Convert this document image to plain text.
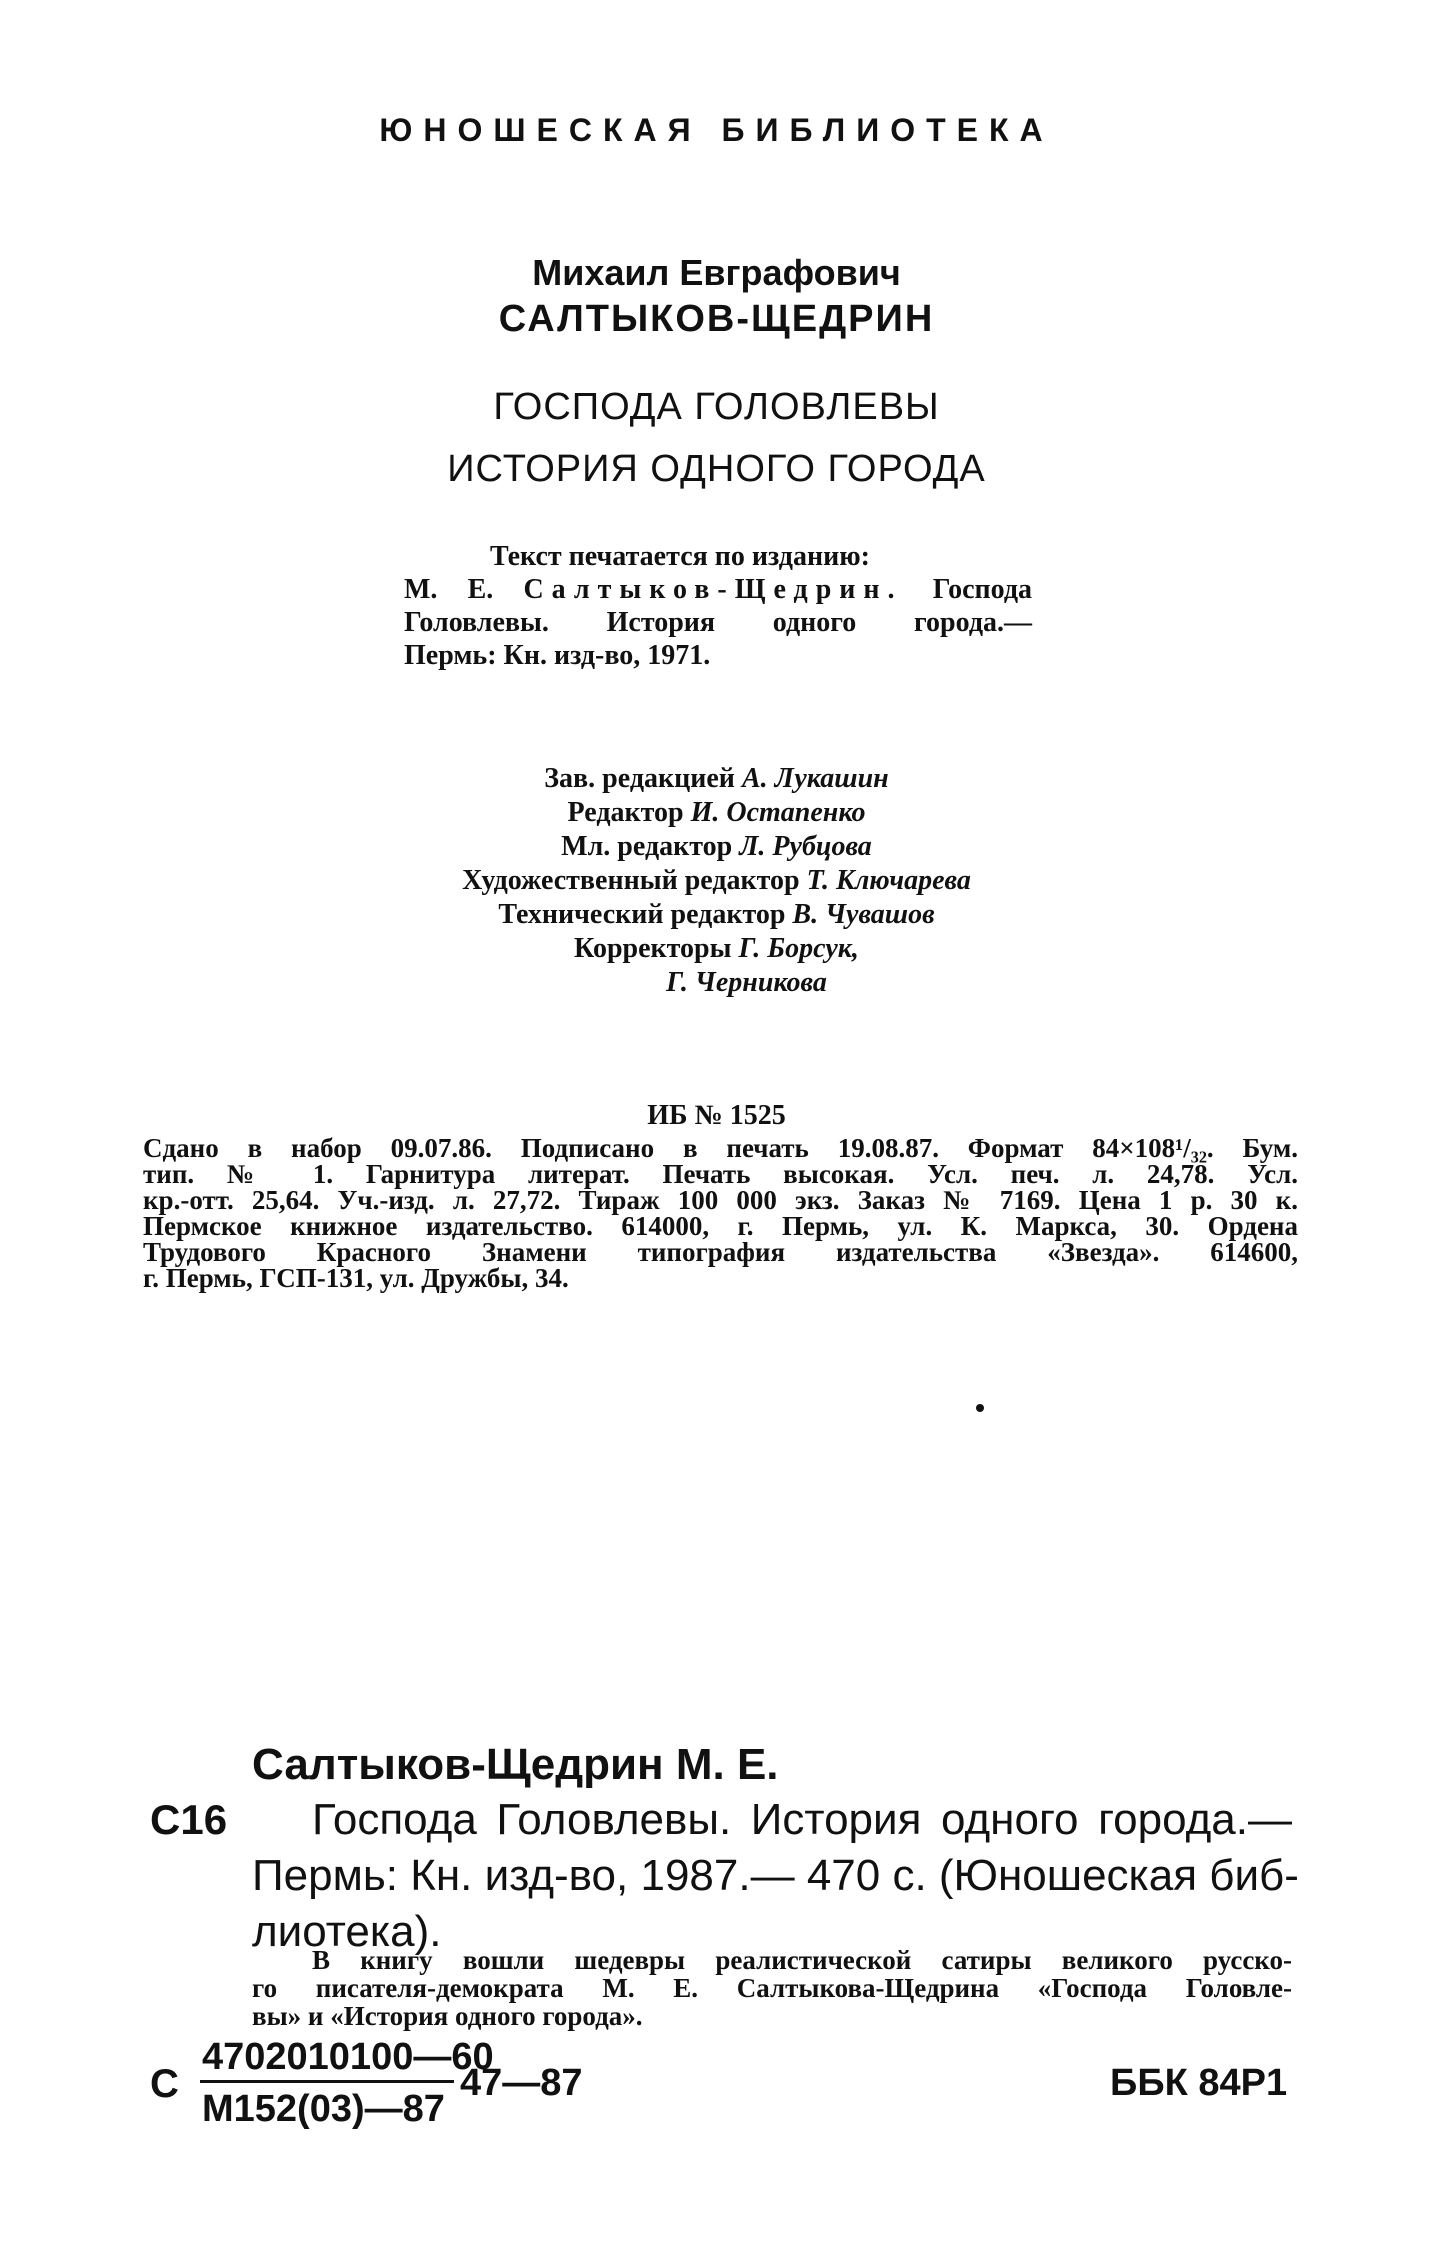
ЮНОШЕСКАЯ БИБЛИОТЕКА
Михаил Евграфович
САЛТЫКОВ-ЩЕДРИН
ГОСПОДА ГОЛОВЛЕВЫ
ИСТОРИЯ ОДНОГО ГОРОДА
Текст печатается по изданию:
М. Е. Салтыков-Щедрин. Господа
Головлевы. История одного города.—
Пермь: Кн. изд-во, 1971.
Зав. редакцией А. Лукашин
Редактор И. Остапенко
Мл. редактор Л. Рубцова
Художественный редактор Т. Ключарева
Технический редактор В. Чувашов
Корректоры Г. Борсук,
Г. Черникова
ИБ № 1525
Сдано в набор 09.07.86. Подписано в печать 19.08.87. Формат 84×108¹/₃₂. Бум.
тип. № 1. Гарнитура литерат. Печать высокая. Усл. печ. л. 24,78. Усл.
кр.-отт. 25,64. Уч.-изд. л. 27,72. Тираж 100 000 экз. Заказ № 7169. Цена 1 р. 30 к.
Пермское книжное издательство. 614000, г. Пермь, ул. К. Маркса, 30. Ордена
Трудового Красного Знамени типография издательства «Звезда». 614600,
г. Пермь, ГСП-131, ул. Дружбы, 34.
Салтыков-Щедрин М. Е.
С16	Господа Головлевы. История одного города.—
Пермь: Кн. изд-во, 1987.— 470 с. (Юношеская биб-
лиотека).
В книгу вошли шедевры реалистической сатиры великого русско-
го писателя-демократа М. Е. Салтыкова-Щедрина «Господа Головле-
вы» и «История одного города».
С
4702010100—60
М152(03)—87
47—87	ББК 84Р1
